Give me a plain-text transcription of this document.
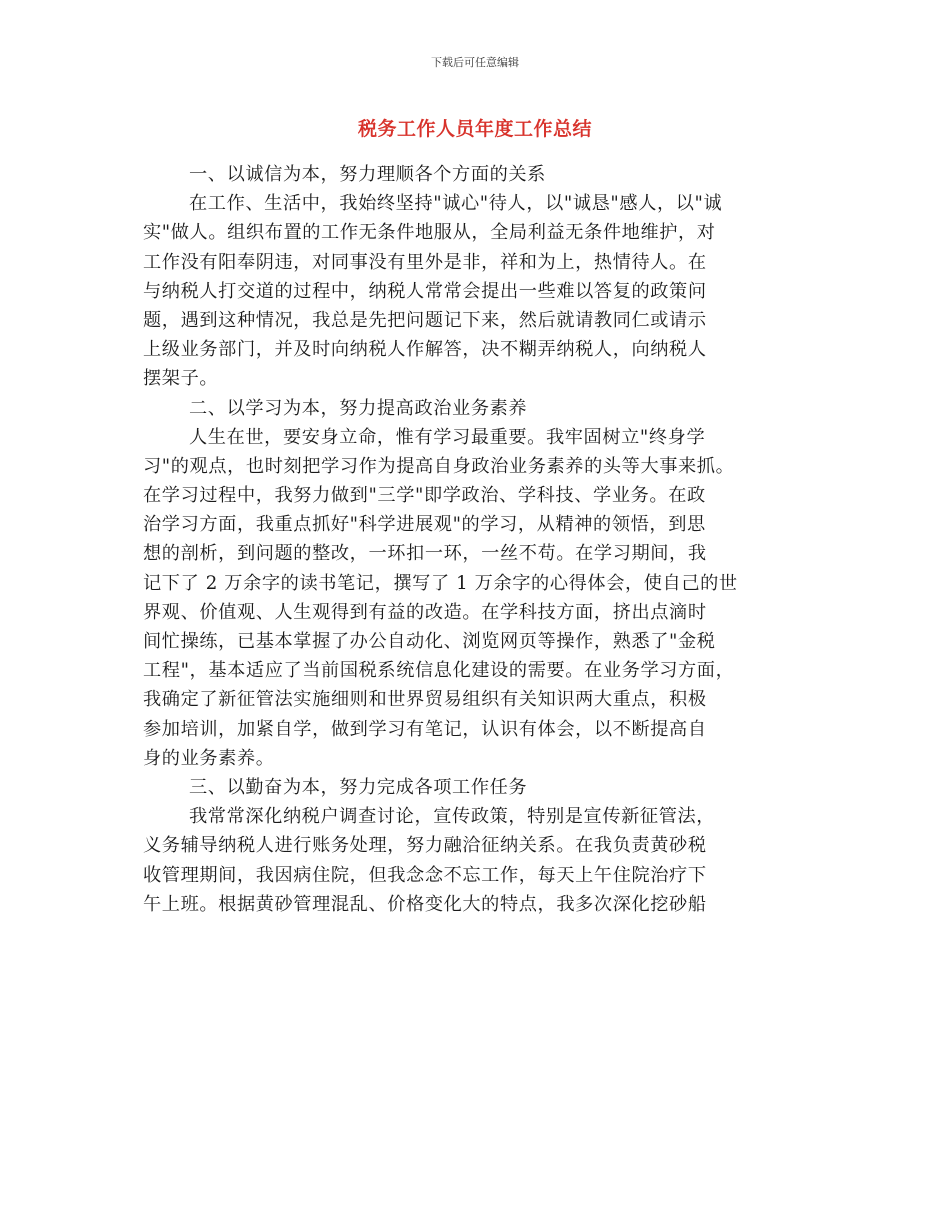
下载后可任意编辑
税务工作人员年度工作总结
一、以诚信为本，努力理顺各个方面的关系
在工作、生活中，我始终坚持"诚心"待人，以"诚恳"感人，以"诚
实"做人。组织布置的工作无条件地服从，全局利益无条件地维护，对
工作没有阳奉阴违，对同事没有里外是非，祥和为上，热情待人。在
与纳税人打交道的过程中，纳税人常常会提出一些难以答复的政策问
题，遇到这种情况，我总是先把问题记下来，然后就请教同仁或请示
上级业务部门，并及时向纳税人作解答，决不糊弄纳税人，向纳税人
摆架子。
二、以学习为本，努力提高政治业务素养
人生在世，要安身立命，惟有学习最重要。我牢固树立"终身学
习"的观点，也时刻把学习作为提高自身政治业务素养的头等大事来抓。
在学习过程中，我努力做到"三学"即学政治、学科技、学业务。在政
治学习方面，我重点抓好"科学进展观"的学习，从精神的领悟，到思
想的剖析，到问题的整改，一环扣一环，一丝不苟。在学习期间，我
记下了 2 万余字的读书笔记，撰写了 1 万余字的心得体会，使自己的世
界观、价值观、人生观得到有益的改造。在学科技方面，挤出点滴时
间忙操练，已基本掌握了办公自动化、浏览网页等操作，熟悉了"金税
工程"，基本适应了当前国税系统信息化建设的需要。在业务学习方面，
我确定了新征管法实施细则和世界贸易组织有关知识两大重点，积极
参加培训，加紧自学，做到学习有笔记，认识有体会，以不断提高自
身的业务素养。
三、以勤奋为本，努力完成各项工作任务
我常常深化纳税户调查讨论，宣传政策，特别是宣传新征管法，
义务辅导纳税人进行账务处理，努力融洽征纳关系。在我负责黄砂税
收管理期间，我因病住院，但我念念不忘工作，每天上午住院治疗下
午上班。根据黄砂管理混乱、价格变化大的特点，我多次深化挖砂船
